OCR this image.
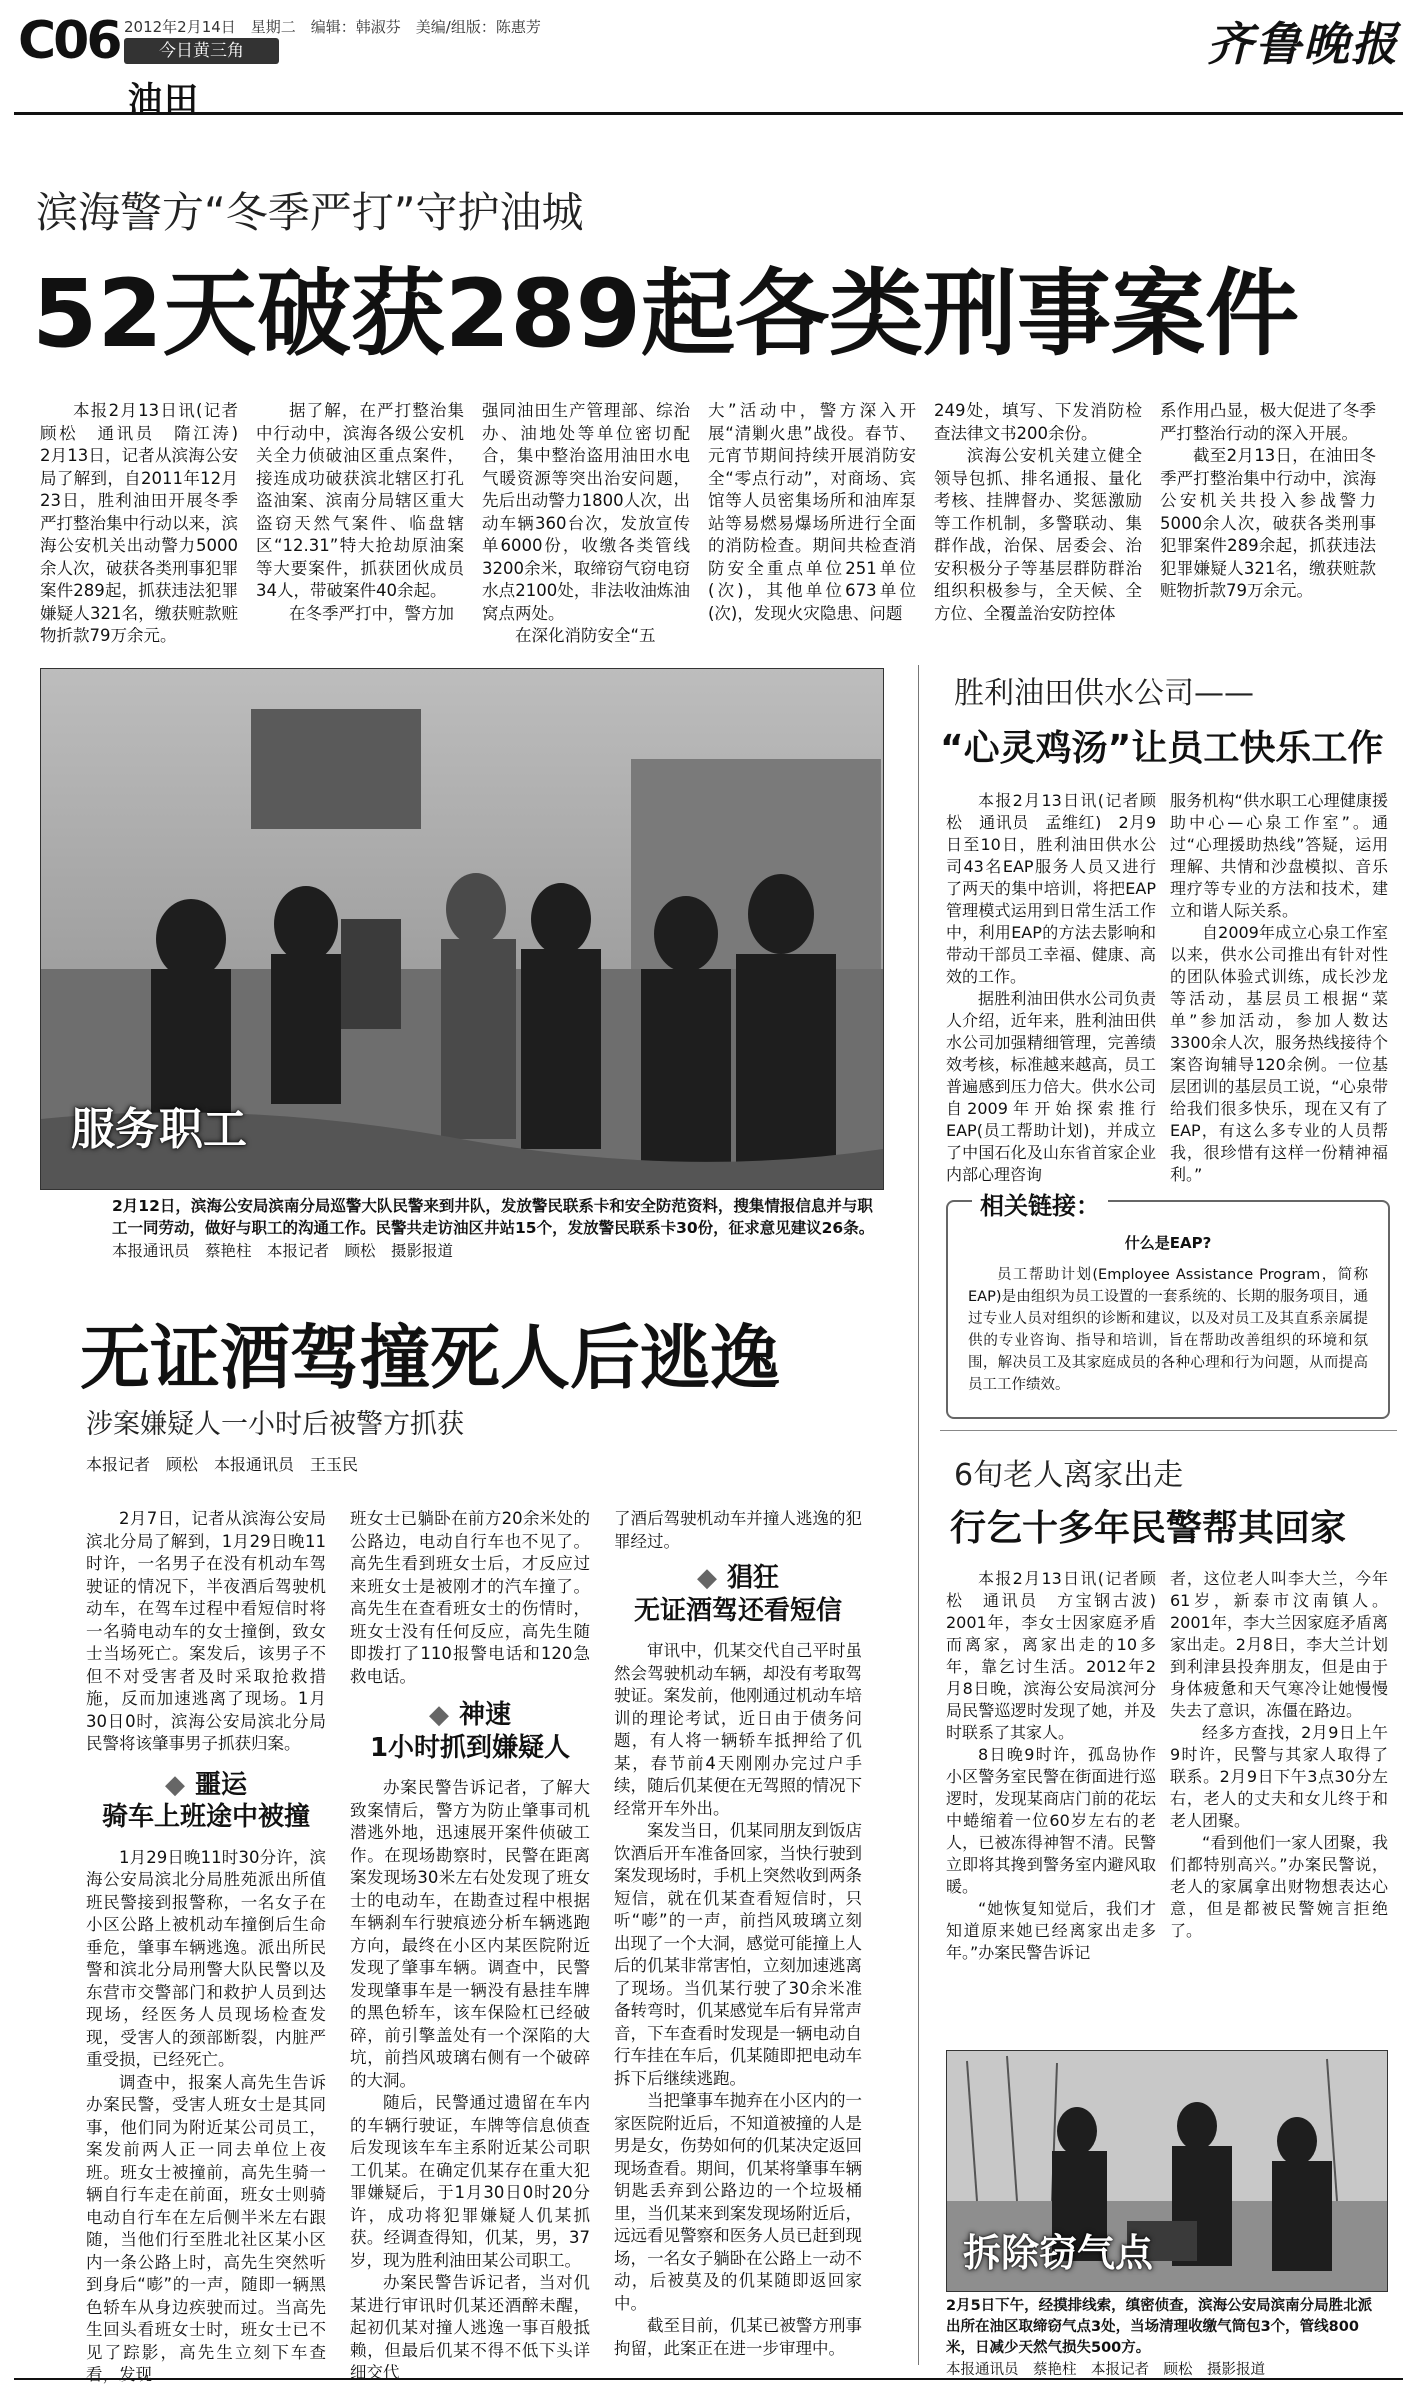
C06 2012年2月14日　星期二　编辑：韩淑芬　美编/组版：陈惠芳
今日黄三角
油田
齐鲁晚报
滨海警方“冬季严打”守护油城
52天破获289起各类刑事案件

本报2月13日讯(记者顾松　通讯员　隋江涛)　2月13日，记者从滨海公安局了解到，自2011年12月23日，胜利油田开展冬季严打整治集中行动以来，滨海公安机关出动警力5000余人次，破获各类刑事犯罪案件289起，抓获违法犯罪嫌疑人321名，缴获赃款赃物折款79万余元。

据了解，在严打整治集中行动中，滨海各级公安机关全力侦破油区重点案件，接连成功破获滨北辖区打孔盗油案、滨南分局辖区重大盗窃天然气案件、临盘辖区“12.31”特大抢劫原油案等大要案件，抓获团伙成员34人，带破案件40余起。

在冬季严打中，警方加

强同油田生产管理部、综治办、油地处等单位密切配合，集中整治盗用油田水电气暖资源等突出治安问题，先后出动警力1800人次，出动车辆360台次，发放宣传单6000份，收缴各类管线3200余米，取缔窃气窃电窃水点2100处，非法收油炼油窝点两处。

在深化消防安全“五

大”活动中，警方深入开展“清剿火患”战役。春节、元宵节期间持续开展消防安全“零点行动”，对商场、宾馆等人员密集场所和油库泵站等易燃易爆场所进行全面的消防检查。期间共检查消防安全重点单位251单位(次)，其他单位673单位(次)，发现火灾隐患、问题

249处，填写、下发消防检查法律文书200余份。

滨海公安机关建立健全领导包抓、排名通报、量化考核、挂牌督办、奖惩激励等工作机制，多警联动、集群作战，治保、居委会、治安积极分子等基层群防群治组织积极参与，全天候、全方位、全覆盖治安防控体

系作用凸显，极大促进了冬季严打整治行动的深入开展。

截至2月13日，在油田冬季严打整治集中行动中，滨海公安机关共投入参战警力5000余人次，破获各类刑事犯罪案件289余起，抓获违法犯罪嫌疑人321名，缴获赃款赃物折款79万余元。

服务职工
2月12日，滨海公安局滨南分局巡警大队民警来到井队，发放警民联系卡和安全防范资料，搜集情报信息并与职工一同劳动，做好与职工的沟通工作。民警共走访油区井站15个，发放警民联系卡30份，征求意见建议26条。
本报通讯员　蔡艳柱　本报记者　顾松　摄影报道
胜利油田供水公司——
“心灵鸡汤”让员工快乐工作

本报2月13日讯(记者顾松　通讯员　孟维红)　2月9日至10日，胜利油田供水公司43名EAP服务人员又进行了两天的集中培训，将把EAP管理模式运用到日常生活工作中，利用EAP的方法去影响和带动干部员工幸福、健康、高效的工作。

据胜利油田供水公司负责人介绍，近年来，胜利油田供水公司加强精细管理，完善绩效考核，标准越来越高，员工普遍感到压力倍大。供水公司自2009年开始探索推行EAP(员工帮助计划)，并成立了中国石化及山东省首家企业内部心理咨询

服务机构“供水职工心理健康援助中心—心泉工作室”。通过“心理援助热线”答疑，运用理解、共情和沙盘模拟、音乐理疗等专业的方法和技术，建立和谐人际关系。

自2009年成立心泉工作室以来，供水公司推出有针对性的团队体验式训练，成长沙龙等活动，基层员工根据“菜单”参加活动，参加人数达3300余人次，服务热线接待个案咨询辅导120余例。一位基层团训的基层员工说，“心泉带给我们很多快乐，现在又有了EAP，有这么多专业的人员帮我，很珍惜有这样一份精神福利。”

相关链接：
什么是EAP?
员工帮助计划(Employee Assistance Program，简称EAP)是由组织为员工设置的一套系统的、长期的服务项目，通过专业人员对组织的诊断和建议，以及对员工及其直系亲属提供的专业咨询、指导和培训，旨在帮助改善组织的环境和氛围，解决员工及其家庭成员的各种心理和行为问题，从而提高员工工作绩效。
无证酒驾撞死人后逃逸
涉案嫌疑人一小时后被警方抓获
本报记者　顾松　本报通讯员　王玉民

2月7日，记者从滨海公安局滨北分局了解到，1月29日晚11时许，一名男子在没有机动车驾驶证的情况下，半夜酒后驾驶机动车，在驾车过程中看短信时将一名骑电动车的女士撞倒，致女士当场死亡。案发后，该男子不但不对受害者及时采取抢救措施，反而加速逃离了现场。1月30日0时，滨海公安局滨北分局民警将该肇事男子抓获归案。

◆ 噩运
骑车上班途中被撞

1月29日晚11时30分许，滨海公安局滨北分局胜苑派出所值班民警接到报警称，一名女子在小区公路上被机动车撞倒后生命垂危，肇事车辆逃逸。派出所民警和滨北分局刑警大队民警以及东营市交警部门和救护人员到达现场，经医务人员现场检查发现，受害人的颈部断裂，内脏严重受损，已经死亡。

调查中，报案人高先生告诉办案民警，受害人班女士是其同事，他们同为附近某公司员工，案发前两人正一同去单位上夜班。班女士被撞前，高先生骑一辆自行车走在前面，班女士则骑电动自行车在左后侧半米左右跟随，当他们行至胜北社区某小区内一条公路上时，高先生突然听到身后“嘭”的一声，随即一辆黑色轿车从身边疾驶而过。当高先生回头看班女士时，班女士已不见了踪影，高先生立刻下车查看，发现

班女士已躺卧在前方20余米处的公路边，电动自行车也不见了。高先生看到班女士后，才反应过来班女士是被刚才的汽车撞了。高先生在查看班女士的伤情时，班女士没有任何反应，高先生随即拨打了110报警电话和120急救电话。

◆ 神速
1小时抓到嫌疑人

办案民警告诉记者，了解大致案情后，警方为防止肇事司机潜逃外地，迅速展开案件侦破工作。在现场勘察时，民警在距离案发现场30米左右处发现了班女士的电动车，在勘查过程中根据车辆刹车行驶痕迹分析车辆逃跑方向，最终在小区内某医院附近发现了肇事车辆。调查中，民警发现肇事车是一辆没有悬挂车牌的黑色轿车，该车保险杠已经破碎，前引擎盖处有一个深陷的大坑，前挡风玻璃右侧有一个破碎的大洞。

随后，民警通过遗留在车内的车辆行驶证，车牌等信息侦查后发现该车车主系附近某公司职工仉某。在确定仉某存在重大犯罪嫌疑后，于1月30日0时20分许，成功将犯罪嫌疑人仉某抓获。经调查得知，仉某，男，37岁，现为胜利油田某公司职工。

办案民警告诉记者，当对仉某进行审讯时仉某还酒醉未醒，起初仉某对撞人逃逸一事百般抵赖，但最后仉某不得不低下头详细交代

了酒后驾驶机动车并撞人逃逸的犯罪经过。

◆ 猖狂
无证酒驾还看短信

审讯中，仉某交代自己平时虽然会驾驶机动车辆，却没有考取驾驶证。案发前，他刚通过机动车培训的理论考试，近日由于债务问题，有人将一辆轿车抵押给了仉某，春节前4天刚刚办完过户手续，随后仉某便在无驾照的情况下经常开车外出。

案发当日，仉某同朋友到饭店饮酒后开车准备回家，当快行驶到案发现场时，手机上突然收到两条短信，就在仉某查看短信时，只听“嘭”的一声，前挡风玻璃立刻出现了一个大洞，感觉可能撞上人后的仉某非常害怕，立刻加速逃离了现场。当仉某行驶了30余米准备转弯时，仉某感觉车后有异常声音，下车查看时发现是一辆电动自行车挂在车后，仉某随即把电动车拆下后继续逃跑。

当把肇事车抛弃在小区内的一家医院附近后，不知道被撞的人是男是女，伤势如何的仉某决定返回现场查看。期间，仉某将肇事车辆钥匙丢弃到公路边的一个垃圾桶里，当仉某来到案发现场附近后，远远看见警察和医务人员已赶到现场，一名女子躺卧在公路上一动不动，后被莫及的仉某随即返回家中。

截至目前，仉某已被警方刑事拘留，此案正在进一步审理中。

6旬老人离家出走
行乞十多年民警帮其回家

本报2月13日讯(记者顾松　通讯员　方宝钢古波)　2001年，李女士因家庭矛盾而离家，离家出走的10多年，靠乞讨生活。2012年2月8日晚，滨海公安局滨河分局民警巡逻时发现了她，并及时联系了其家人。

8日晚9时许，孤岛协作小区警务室民警在街面进行巡逻时，发现某商店门前的花坛中蜷缩着一位60岁左右的老人，已被冻得神智不清。民警立即将其搀到警务室内避风取暖。

“她恢复知觉后，我们才知道原来她已经离家出走多年。”办案民警告诉记

者，这位老人叫李大兰，今年61岁，新泰市汶南镇人。2001年，李大兰因家庭矛盾离家出走。2月8日，李大兰计划到利津县投奔朋友，但是由于身体疲惫和天气寒冷让她慢慢失去了意识，冻僵在路边。

经多方查找，2月9日上午9时许，民警与其家人取得了联系。2月9日下午3点30分左右，老人的丈夫和女儿终于和老人团聚。

“看到他们一家人团聚，我们都特别高兴。”办案民警说，老人的家属拿出财物想表达心意，但是都被民警婉言拒绝了。

拆除窃气点
2月5日下午，经摸排线索，缜密侦查，滨海公安局滨南分局胜北派出所在油区取缔窃气点3处，当场清理收缴气筒包3个，管线800米，日减少天然气损失500方。
本报通讯员　蔡艳柱　本报记者　顾松　摄影报道
